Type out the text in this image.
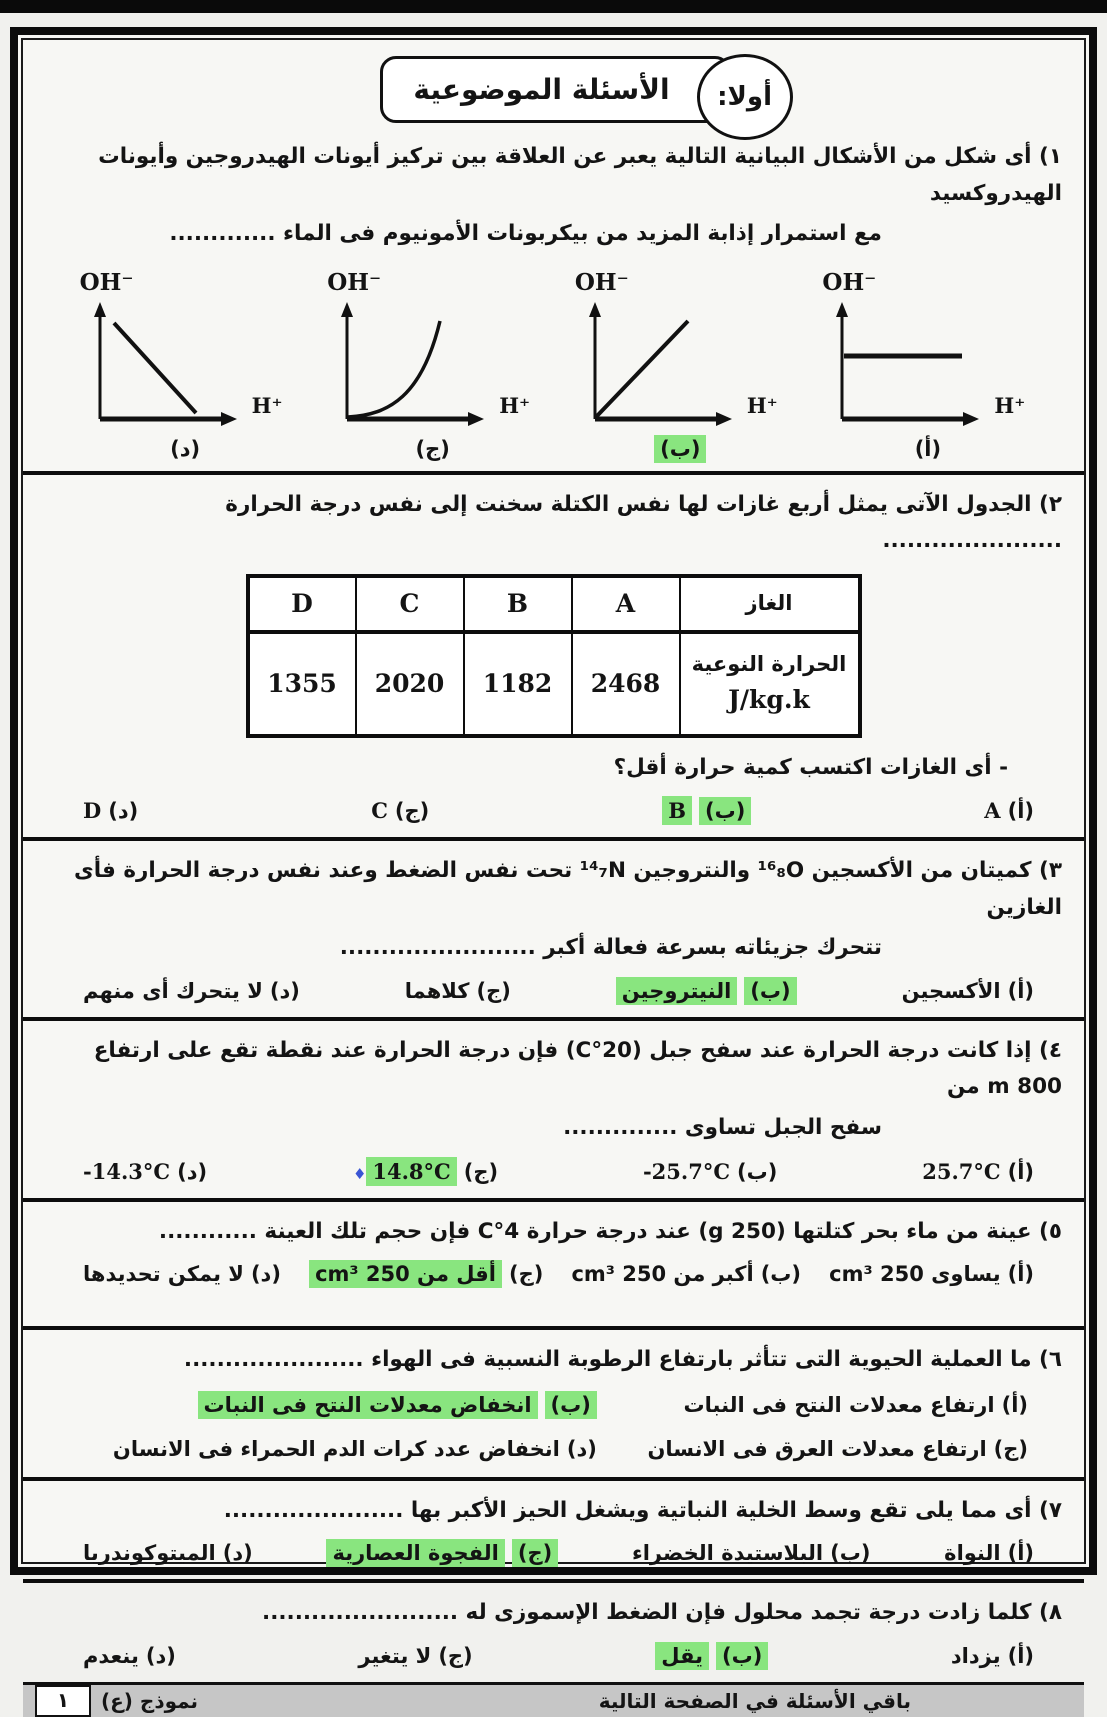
الأسئلة الموضوعية	أولا:

١) أى شكل من الأشكال البيانية التالية يعبر عن العلاقة بين تركيز أيونات الهيدروجين وأيونات الهيدروكسيد

مع استمرار إذابة المزيد من بيكربونات الأمونيوم فى الماء .............

OH⁻
H⁺
(أ)
OH⁻
H⁺
(ب)
OH⁻
H⁺
(ج)
OH⁻
H⁺
(د)

٢) الجدول الآتى يمثل أربع غازات لها نفس الكتلة سخنت إلى نفس درجة الحرارة ......................

الغاز	A	B	C	D

الحرارة النوعية
J/kg.k	2468	1182	2020	1355

- أى الغازات اكتسب كمية حرارة أقل؟

(أ)A
(ب)B
(ج)C
(د)D

٣) كميتان من الأكسجين ¹⁶₈O والنتروجين ¹⁴₇N تحت نفس الضغط وعند نفس درجة الحرارة فأى الغازين

تتحرك جزيئاته بسرعة فعالة أكبر ........................

(أ)الأكسجين
(ب)النيتروجين
(ج)كلاهما
(د)لا يتحرك أى منهم

٤) إذا كانت درجة الحرارة عند سفح جبل (20°C) فإن درجة الحرارة عند نقطة تقع على ارتفاع 800 m من

سفح الجبل تساوى ..............

(أ)25.7°C
(ب)-25.7°C
(ج)14.8°C♦
(د)-14.3°C

٥) عينة من ماء بحر كتلتها (250 g) عند درجة حرارة 4°C فإن حجم تلك العينة ............

(أ)يساوى 250 cm³
(ب)أكبر من 250 cm³
(ج)أقل من 250 cm³
(د)لا يمكن تحديدها

٦) ما العملية الحيوية التى تتأثر بارتفاع الرطوبة النسبية فى الهواء ......................

(أ)ارتفاع معدلات النتح فى النبات
(ب)انخفاض معدلات النتح فى النبات
(ج)ارتفاع معدلات العرق فى الانسان
(د)انخفاض عدد كرات الدم الحمراء فى الانسان

٧) أى مما يلى تقع وسط الخلية النباتية ويشغل الحيز الأكبر بها ......................

(أ)النواة
(ب)البلاستيدة الخضراء
(ج)الفجوة العصارية
(د)الميتوكوندريا

٨) كلما زادت درجة تجمد محلول فإن الضغط الإسموزى له ........................

(أ)يزداد
(ب)يقل
(ج)لا يتغير
(د)ينعدم
باقي الأسئلة في الصفحة التالية
نموذج (ع)
١
